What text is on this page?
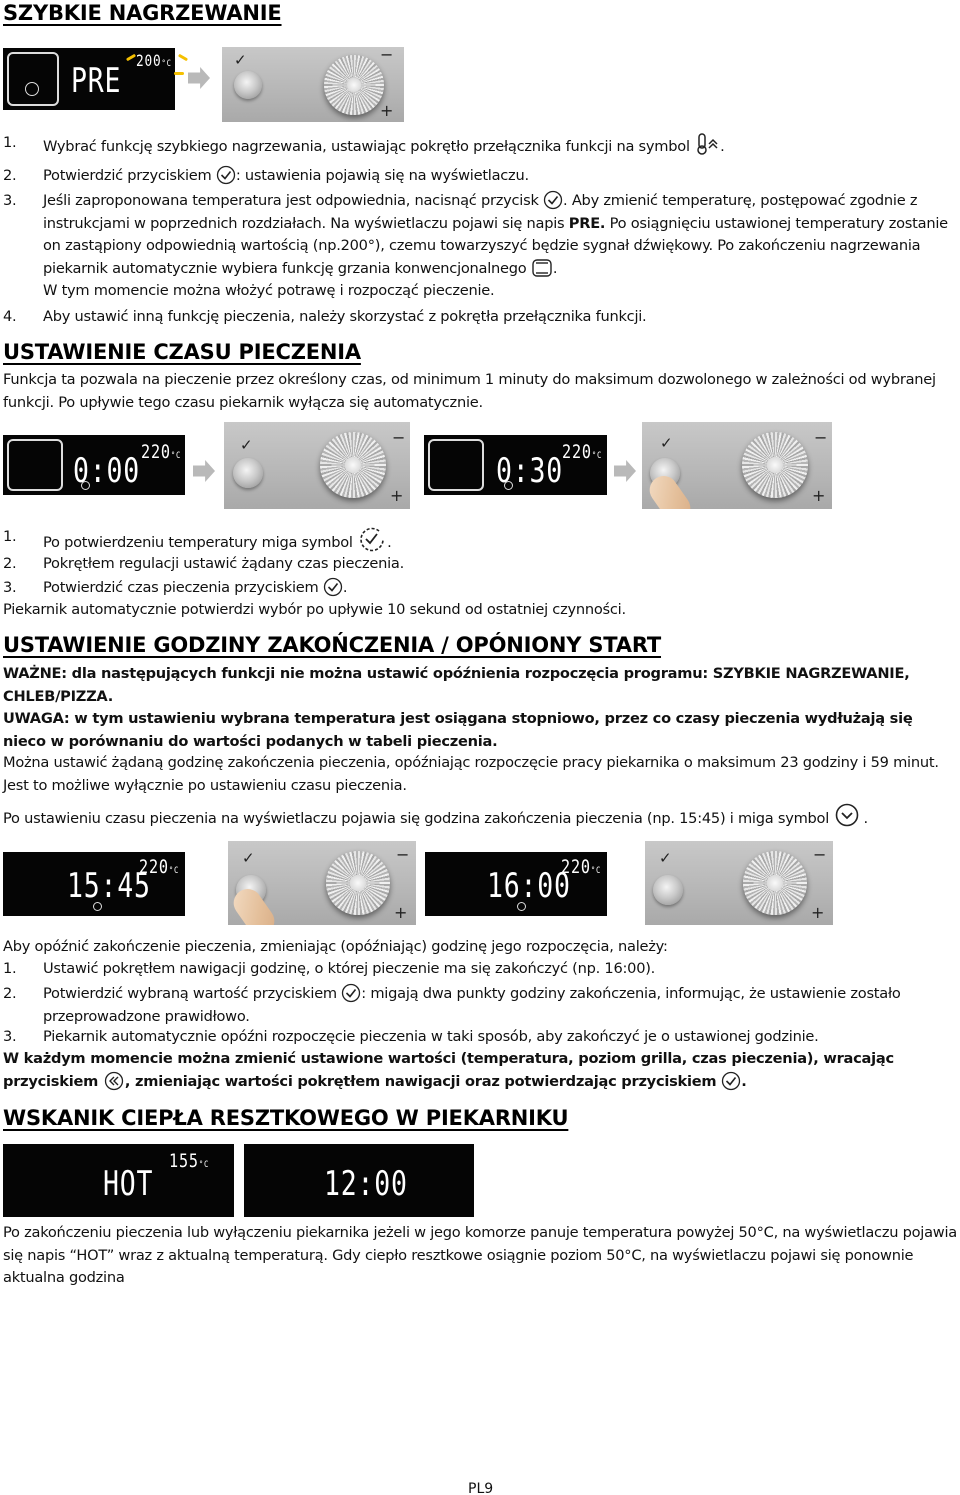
SZYBKIE NAGRZEWANIE
PRE
200°C	✓	−
+
1.	Wybrać funkcję szybkiego nagrzewania, ustawiając pokrętło przełącznika funkcji na symbol .
2.	Potwierdzić przyciskiem : ustawienia pojawią się na wyświetlaczu.
3.	Jeśli zaproponowana temperatura jest odpowiednia, nacisnąć przycisk . Aby zmienić temperaturę, postępować zgodnie z instrukcjami w poprzednich rozdziałach. Na wyświetlaczu pojawi się napis PRE. Po osiągnięciu ustawionej temperatury zostanie on zastąpiony odpowiednią wartością (np.200°), czemu towarzyszyć będzie sygnał dźwiękowy. Po zakończeniu nagrzewania piekarnik automatycznie wybiera funkcję grzania konwencjonalnego .
W tym momencie można włożyć potrawę i rozpocząć pieczenie.
4.	Aby ustawić inną funkcję pieczenia, należy skorzystać z pokrętła przełącznika funkcji.
USTAWIENIE CZASU PIECZENIA

Funkcja ta pozwala na pieczenie przez określony czas, od minimum 1 minuty do maksimum dozwolonego w zależności od wybranej funkcji. Po upływie tego czasu piekarnik wyłącza się automatycznie.

0:00 220°C
✓	−
+
0:30 220°C
✓	−
+
1.	Po potwierdzeniu temperatury miga symbol .
2.	Pokrętłem regulacji ustawić żądany czas pieczenia.
3.	Potwierdzić czas pieczenia przyciskiem .

Piekarnik automatycznie potwierdzi wybór po upływie 10 sekund od ostatniej czynności.

USTAWIENIE GODZINY ZAKOŃCZENIA / OPÓNIONY START

WAŻNE: dla następujących funkcji nie można ustawić opóźnienia rozpoczęcia programu: SZYBKIE NAGRZEWANIE, CHLEB/PIZZA.

UWAGA: w tym ustawieniu wybrana temperatura jest osiągana stopniowo, przez co czasy pieczenia wydłużają się nieco w porównaniu do wartości podanych w tabeli pieczenia.

Można ustawić żądaną godzinę zakończenia pieczenia, opóźniając rozpoczęcie pracy piekarnika o maksimum 23 godziny i 59 minut. Jest to możliwe wyłącznie po ustawieniu czasu pieczenia.

Po ustawieniu czasu pieczenia na wyświetlaczu pojawia się godzina zakończenia pieczenia (np. 15:45) i miga symbol .

15:45
220°C
✓	−
+
16:00
220°C
✓	−
+

Aby opóźnić zakończenie pieczenia, zmieniając (opóźniając) godzinę jego rozpoczęcia, należy:

1.	Ustawić pokrętłem nawigacji godzinę, o której pieczenie ma się zakończyć (np. 16:00).
2.	Potwierdzić wybraną wartość przyciskiem : migają dwa punkty godziny zakończenia, informując, że ustawienie zostało przeprowadzone prawidłowo.
3.	Piekarnik automatycznie opóźni rozpoczęcie pieczenia w taki sposób, aby zakończyć je o ustawionej godzinie.

W każdym momencie można zmienić ustawione wartości (temperatura, poziom grilla, czas pieczenia), wracając
przyciskiem , zmieniając wartości pokrętłem nawigacji oraz potwierdzając przyciskiem .

WSKANIK CIEPŁA RESZTKOWEGO W PIEKARNIKU
HOT
155°C	12:00

Po zakończeniu pieczenia lub wyłączeniu piekarnika jeżeli w jego komorze panuje temperatura powyżej 50°C, na wyświetlaczu pojawia się napis “HOT” wraz z aktualną temperaturą. Gdy ciepło resztkowe osiągnie poziom 50°C, na wyświetlaczu pojawi się ponownie aktualna godzina

PL9
